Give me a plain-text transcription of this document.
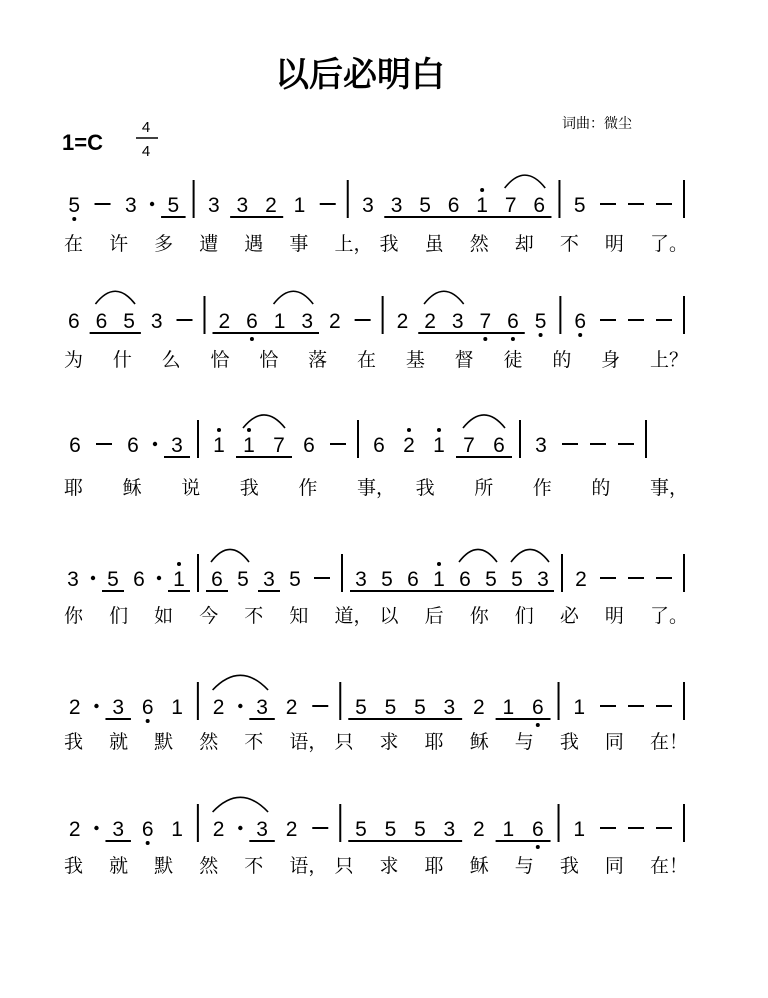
以后必明白
词曲：微尘
1=C
4
4
5 3 5 3 3 2 1	3 3 5 6 1 7 6 5
在 许 多 遭 遇 事 上， 我 虽 然 却 不 明 了。
6 6 5 3	2 6 1 3 2	2 2 3 7 6 5 6
为 什 么 恰 恰 落 在 基 督 徒 的 身 上？
6 6 3 1 1 7 6	6 2 1 7 6 3
耶 稣 说 我 作 事， 我 所 作 的 事，
3 5 6 1 6 5 3 5	3 5 6 1 6 5 5 3 2
你 们 如 今 不 知 道， 以 后 你 们 必 明 了。
2 3 6 1 2 3 2	5 5 5 3 2 1 6 1
我 就 默 然 不 语， 只 求 耶 稣 与 我 同 在！
2 3 6 1 2 3 2	5 5 5 3 2 1 6 1
我 就 默 然 不 语， 只 求 耶 稣 与 我 同 在！
